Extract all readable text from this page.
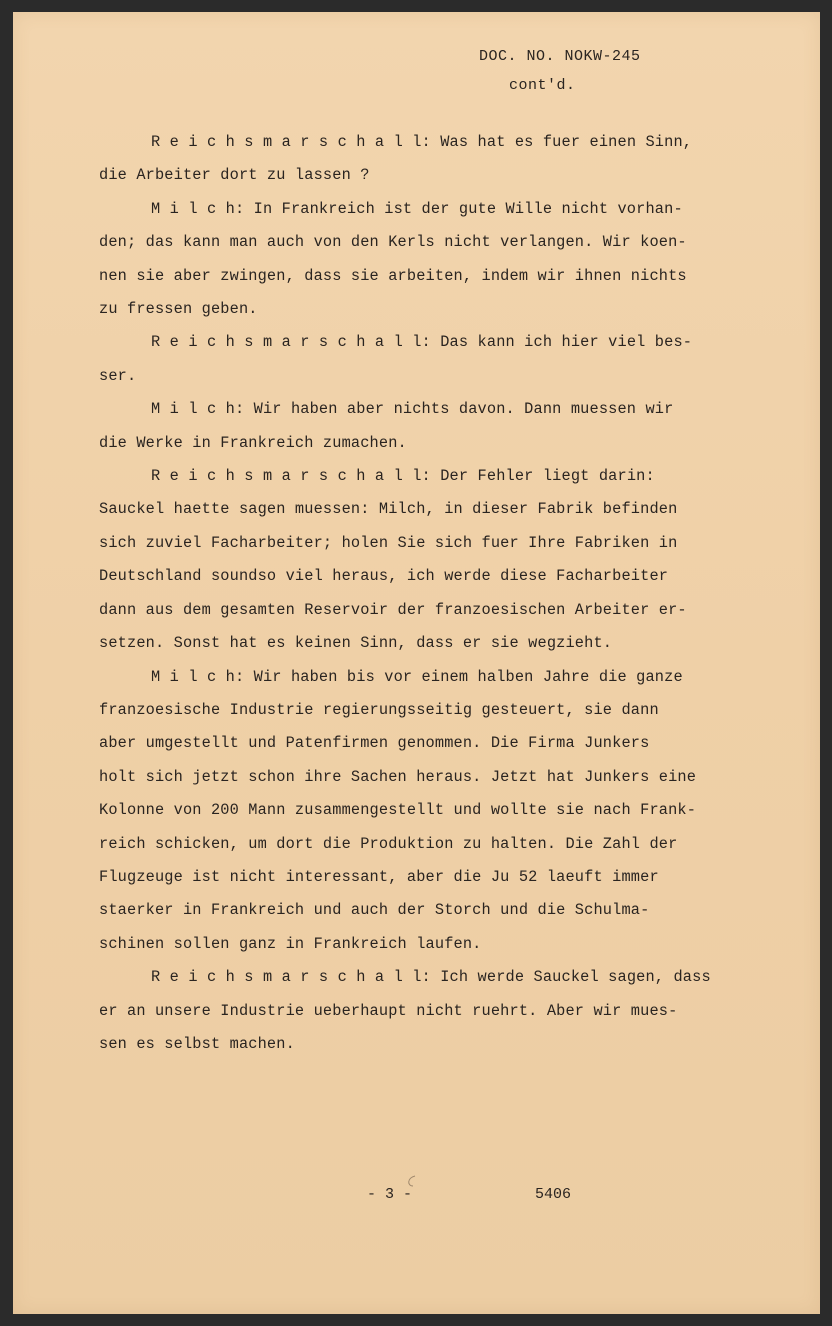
DOC. NO. NOKW-245
cont'd.
R e i c h s m a r s c h a l l: Was hat es fuer einen Sinn,
die Arbeiter dort zu lassen ?
M i l c h: In Frankreich ist der gute Wille nicht vorhan-
den; das kann man auch von den Kerls nicht verlangen. Wir koen-
nen sie aber zwingen, dass sie arbeiten, indem wir ihnen nichts
zu fressen geben.
R e i c h s m a r s c h a l l: Das kann ich hier viel bes-
ser.
M i l c h: Wir haben aber nichts davon. Dann muessen wir
die Werke in Frankreich zumachen.
R e i c h s m a r s c h a l l: Der Fehler liegt darin:
Sauckel haette sagen muessen: Milch, in dieser Fabrik befinden
sich zuviel Facharbeiter; holen Sie sich fuer Ihre Fabriken in
Deutschland soundso viel heraus, ich werde diese Facharbeiter
dann aus dem gesamten Reservoir der franzoesischen Arbeiter er-
setzen. Sonst hat es keinen Sinn, dass er sie wegzieht.
M i l c h: Wir haben bis vor einem halben Jahre die ganze
franzoesische Industrie regierungsseitig gesteuert, sie dann
aber umgestellt und Patenfirmen genommen. Die Firma Junkers
holt sich jetzt schon ihre Sachen heraus. Jetzt hat Junkers eine
Kolonne von 200 Mann zusammengestellt und wollte sie nach Frank-
reich schicken, um dort die Produktion zu halten. Die Zahl der
Flugzeuge ist nicht interessant, aber die Ju 52 laeuft immer
staerker in Frankreich und auch der Storch und die Schulma-
schinen sollen ganz in Frankreich laufen.
R e i c h s m a r s c h a l l: Ich werde Sauckel sagen, dass
er an unsere Industrie ueberhaupt nicht ruehrt. Aber wir mues-
sen es selbst machen.
- 3 -	5406
